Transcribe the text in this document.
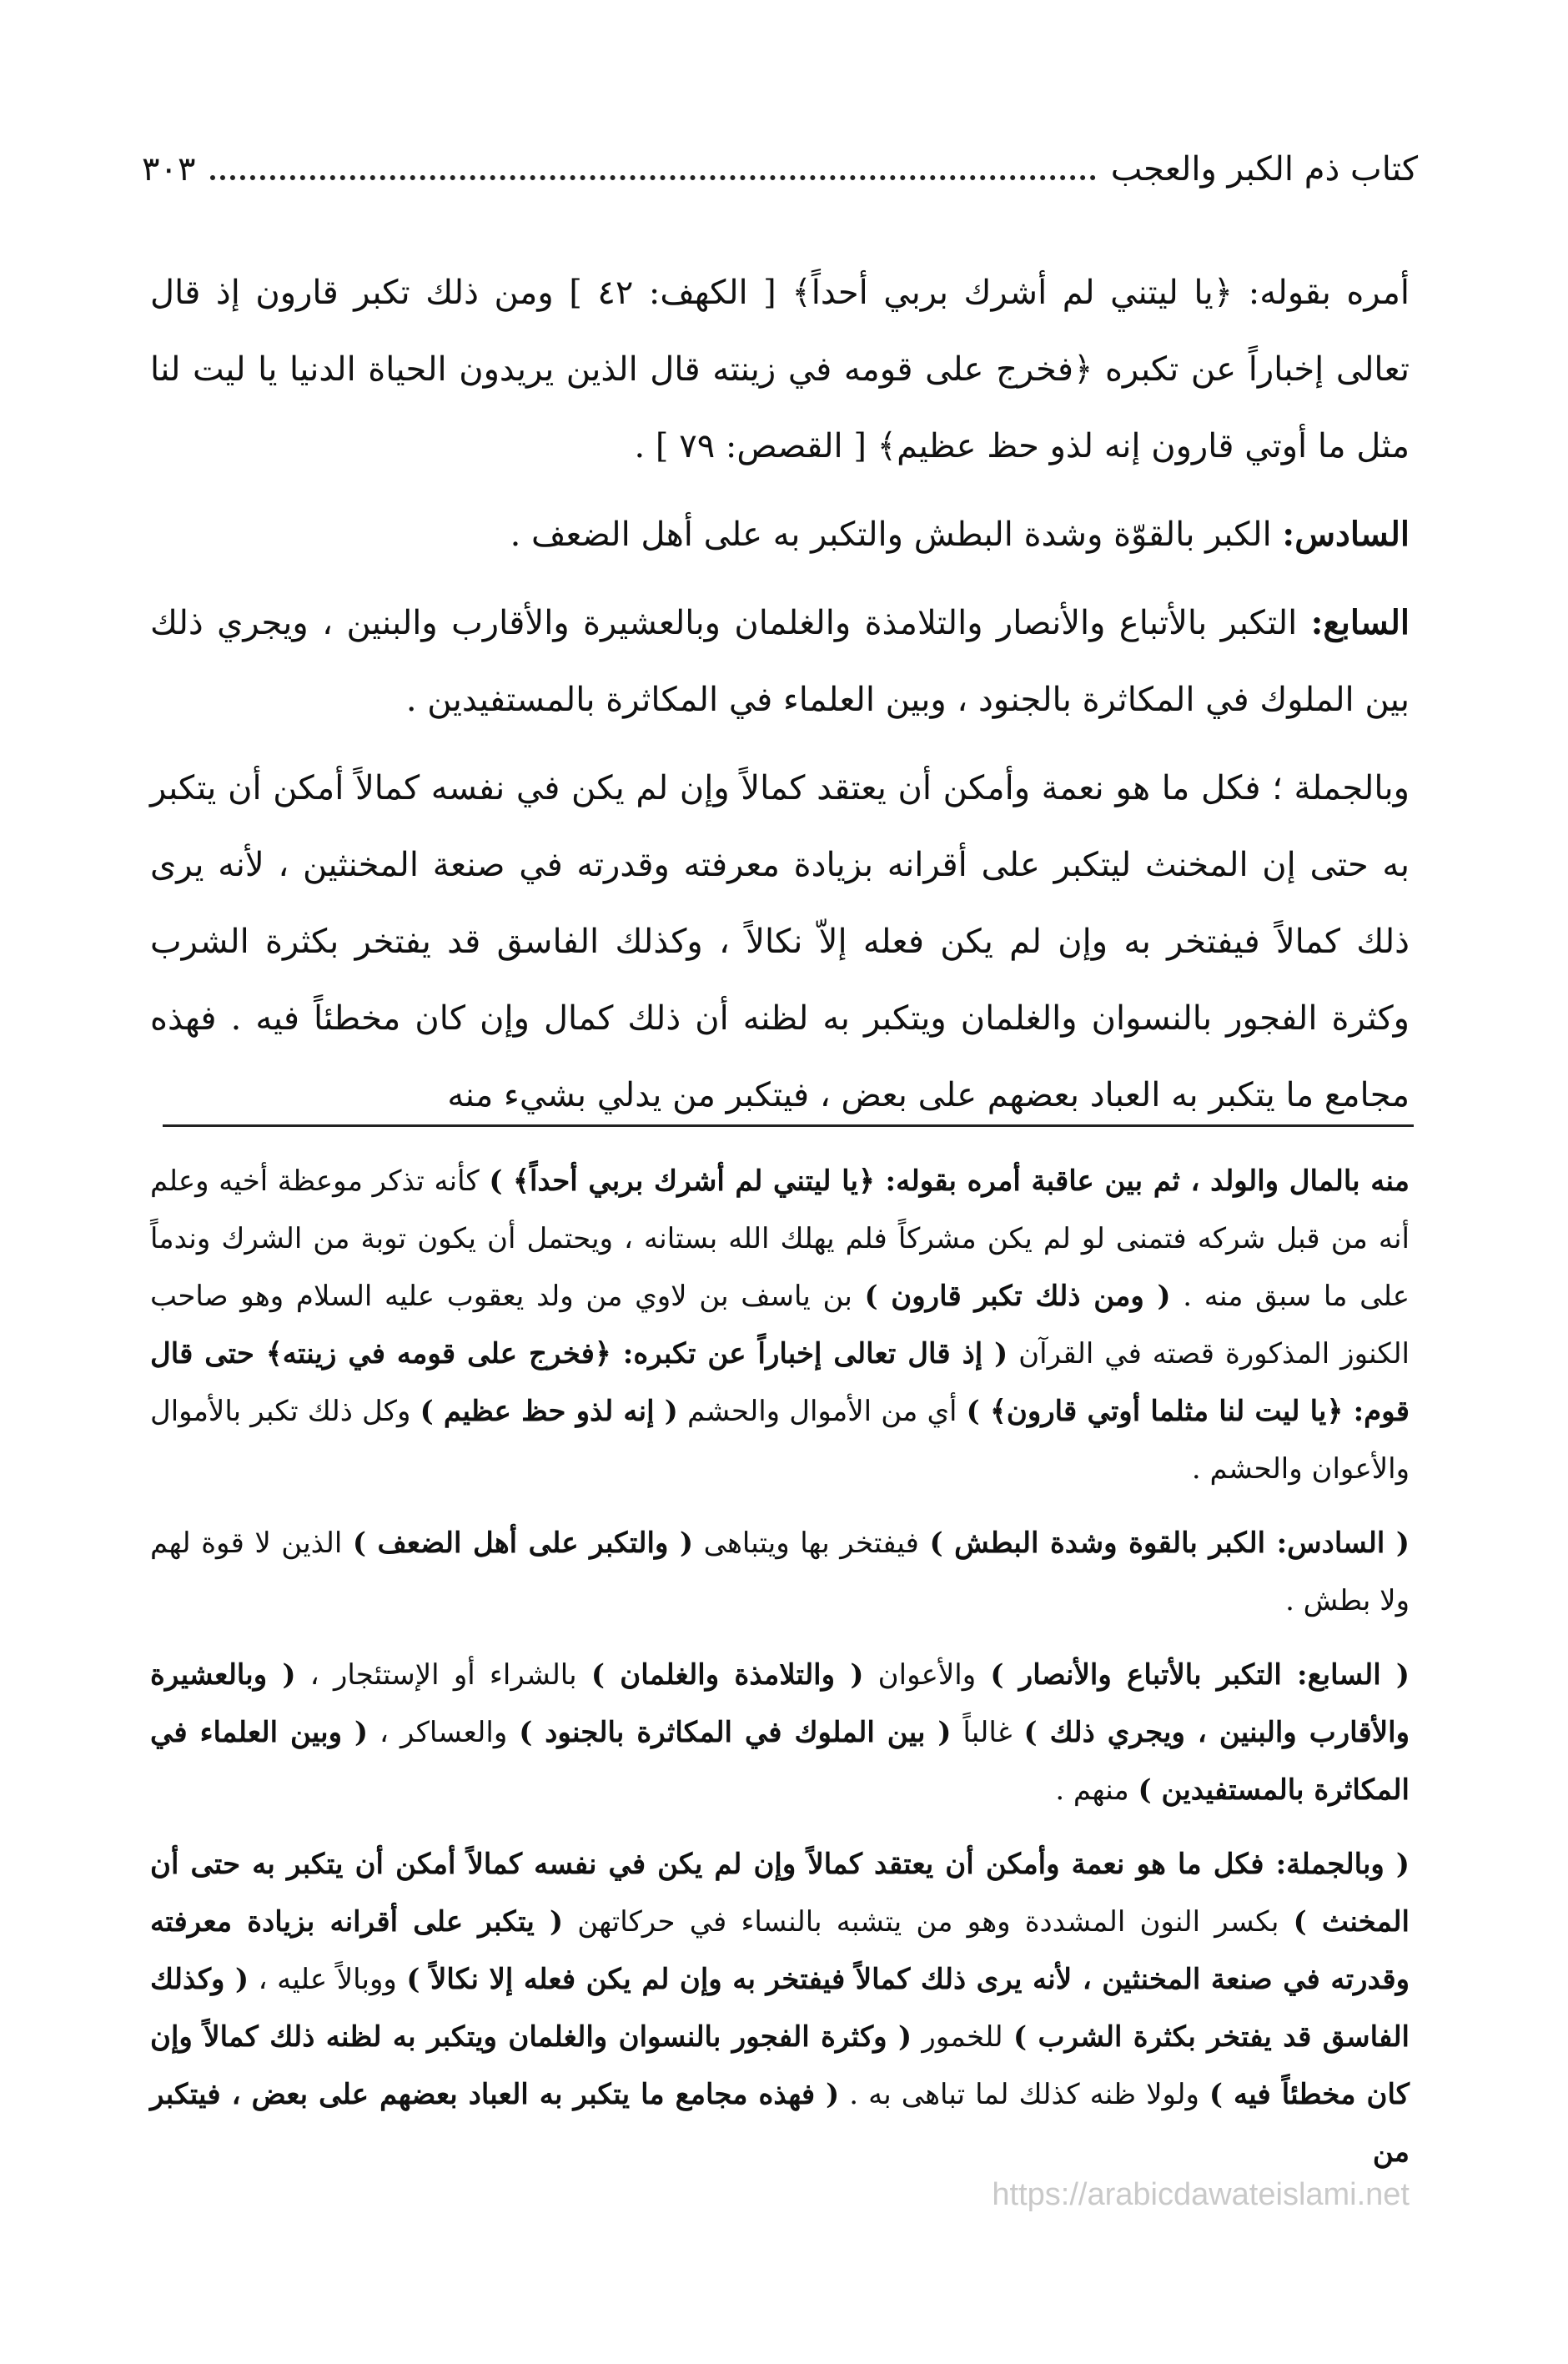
كتاب ذم الكبر والعجب
٣٠٣

أمره بقوله: ﴿يا ليتني لم أشرك بربي أحداً﴾ [ الكهف: ٤٢ ] ومن ذلك تكبر قارون إذ قال تعالى إخباراً عن تكبره ﴿فخرج على قومه في زينته قال الذين يريدون الحياة الدنيا يا ليت لنا مثل ما أوتي قارون إنه لذو حظ عظيم﴾ [ القصص: ٧٩ ] .

السادس: الكبر بالقوّة وشدة البطش والتكبر به على أهل الضعف .

السابع: التكبر بالأتباع والأنصار والتلامذة والغلمان وبالعشيرة والأقارب والبنين ، ويجري ذلك بين الملوك في المكاثرة بالجنود ، وبين العلماء في المكاثرة بالمستفيدين .

وبالجملة ؛ فكل ما هو نعمة وأمكن أن يعتقد كمالاً وإن لم يكن في نفسه كمالاً أمكن أن يتكبر به حتى إن المخنث ليتكبر على أقرانه بزيادة معرفته وقدرته في صنعة المخنثين ، لأنه يرى ذلك كمالاً فيفتخر به وإن لم يكن فعله إلاّ نكالاً ، وكذلك الفاسق قد يفتخر بكثرة الشرب وكثرة الفجور بالنسوان والغلمان ويتكبر به لظنه أن ذلك كمال وإن كان مخطئاً فيه . فهذه مجامع ما يتكبر به العباد بعضهم على بعض ، فيتكبر من يدلي بشيء منه

منه بالمال والولد ، ثم بين عاقبة أمره بقوله: ﴿يا ليتني لم أشرك بربي أحداً﴾ ) كأنه تذكر موعظة أخيه وعلم أنه من قبل شركه فتمنى لو لم يكن مشركاً فلم يهلك الله بستانه ، ويحتمل أن يكون توبة من الشرك وندماً على ما سبق منه . ( ومن ذلك تكبر قارون ) بن ياسف بن لاوي من ولد يعقوب عليه السلام وهو صاحب الكنوز المذكورة قصته في القرآن ( إذ قال تعالى إخباراً عن تكبره: ﴿فخرج على قومه في زينته﴾ حتى قال قوم: ﴿يا ليت لنا مثلما أوتي قارون﴾ ) أي من الأموال والحشم ( إنه لذو حظ عظيم ) وكل ذلك تكبر بالأموال والأعوان والحشم .

( السادس: الكبر بالقوة وشدة البطش ) فيفتخر بها ويتباهى ( والتكبر على أهل الضعف ) الذين لا قوة لهم ولا بطش .

( السابع: التكبر بالأتباع والأنصار ) والأعوان ( والتلامذة والغلمان ) بالشراء أو الإستئجار ، ( وبالعشيرة والأقارب والبنين ، ويجري ذلك ) غالباً ( بين الملوك في المكاثرة بالجنود ) والعساكر ، ( وبين العلماء في المكاثرة بالمستفيدين ) منهم .

( وبالجملة: فكل ما هو نعمة وأمكن أن يعتقد كمالاً وإن لم يكن في نفسه كمالاً أمكن أن يتكبر به حتى أن المخنث ) بكسر النون المشددة وهو من يتشبه بالنساء في حركاتهن ( يتكبر على أقرانه بزيادة معرفته وقدرته في صنعة المخنثين ، لأنه يرى ذلك كمالاً فيفتخر به وإن لم يكن فعله إلا نكالاً ) ووبالاً عليه ، ( وكذلك الفاسق قد يفتخر بكثرة الشرب ) للخمور ( وكثرة الفجور بالنسوان والغلمان ويتكبر به لظنه ذلك كمالاً وإن كان مخطئاً فيه ) ولولا ظنه كذلك لما تباهى به . ( فهذه مجامع ما يتكبر به العباد بعضهم على بعض ، فيتكبر من

https://arabicdawateislami.net
